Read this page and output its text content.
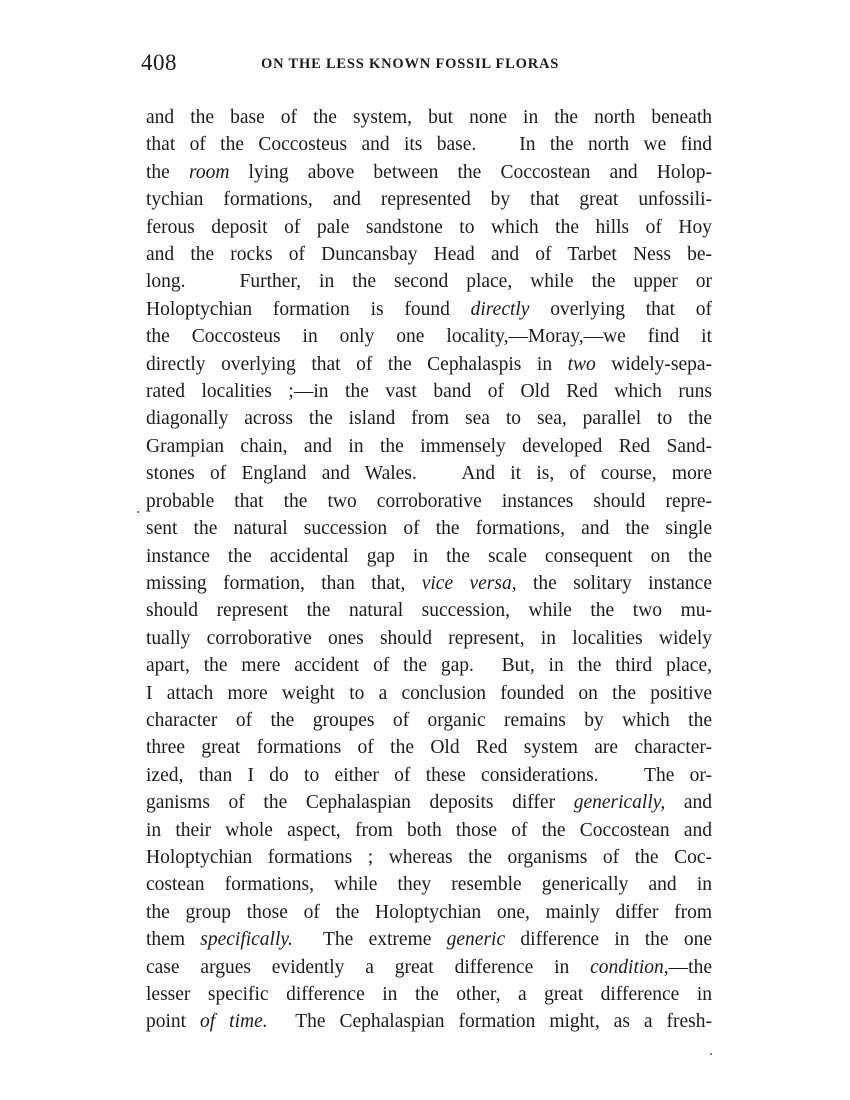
408	ON THE LESS KNOWN FOSSIL FLORAS
and the base of the system, but none in the north beneath
that of the Coccosteus and its base.   In the north we find
the room lying above between the Coccostean and Holop-
tychian formations, and represented by that great unfossili-
ferous deposit of pale sandstone to which the hills of Hoy
and the rocks of Duncansbay Head and of Tarbet Ness be-
long.   Further, in the second place, while the upper or
Holoptychian formation is found directly overlying that of
the Coccosteus in only one locality,—Moray,—we find it
directly overlying that of the Cephalaspis in two widely-sepa-
rated localities ;—in the vast band of Old Red which runs
diagonally across the island from sea to sea, parallel to the
Grampian chain, and in the immensely developed Red Sand-
stones of England and Wales.   And it is, of course, more
probable that the two corroborative instances should repre-
sent the natural succession of the formations, and the single
instance the accidental gap in the scale consequent on the
missing formation, than that, vice versa, the solitary instance
should represent the natural succession, while the two mu-
tually corroborative ones should represent, in localities widely
apart, the mere accident of the gap.  But, in the third place,
I attach more weight to a conclusion founded on the positive
character of the groupes of organic remains by which the
three great formations of the Old Red system are character-
ized, than I do to either of these considerations.   The or-
ganisms of the Cephalaspian deposits differ generically, and
in their whole aspect, from both those of the Coccostean and
Holoptychian formations ; whereas the organisms of the Coc-
costean formations, while they resemble generically and in
the group those of the Holoptychian one, mainly differ from
them specifically.  The extreme generic difference in the one
case argues evidently a great difference in condition,—the
lesser specific difference in the other, a great difference in
point of time.  The Cephalaspian formation might, as a fresh-
